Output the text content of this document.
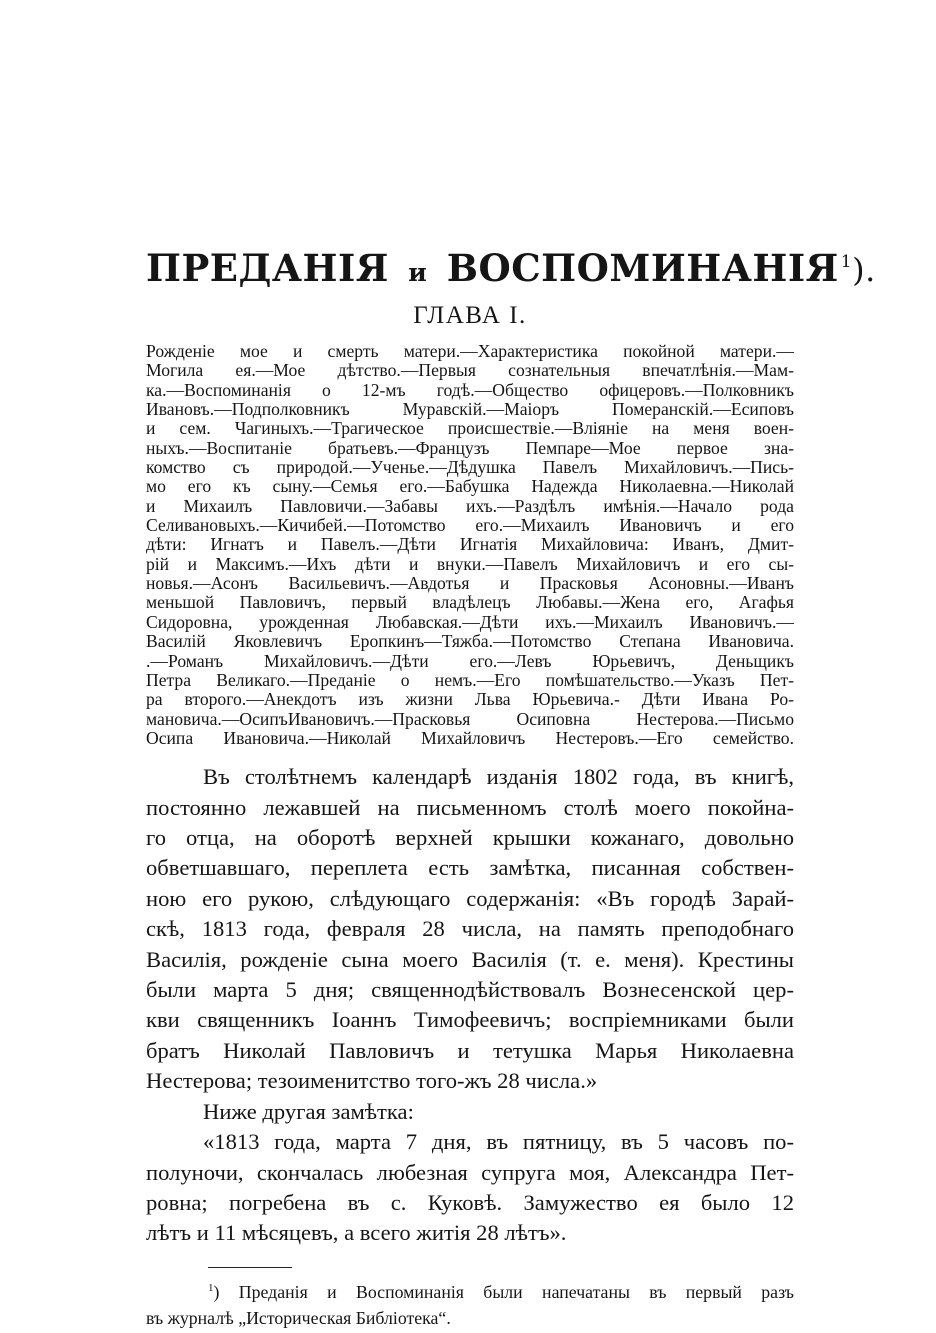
ПРЕДАНІЯ и ВОСПОМИНАНІЯ $^1$).
ГЛАВА I.
Рожденіе мое и смерть матери.—Характеристика покойной матери.—
Могила ея.—Мое дѣтство.—Первыя сознательныя впечатлѣнія.—Мам-
ка.—Воспоминанія о 12-мъ годѣ.—Общество офицеровъ.—Полковникъ
Ивановъ.—Подполковникъ Муравскій.—Маіоръ Померанскій.—Есиповъ
и сем. Чагиныхъ.—Трагическое происшествіе.—Вліяніе на меня воен-
ныхъ.—Воспитаніе братьевъ.—Французъ Пемпаре—Мое первое зна-
комство съ природой.—Ученье.—Дѣдушка Павелъ Михайловичъ.—Пись-
мо его къ сыну.—Семья его.—Бабушка Надежда Николаевна.—Николай
и Михаилъ Павловичи.—Забавы ихъ.—Раздѣлъ имѣнія.—Начало рода
Селивановыхъ.—Кичибей.—Потомство его.—Михаилъ Ивановичъ и его
дѣти: Игнатъ и Павелъ.—Дѣти Игнатія Михайловича: Иванъ, Дмит-
рій и Максимъ.—Ихъ дѣти и внуки.—Павелъ Михайловичъ и его сы-
новья.—Асонъ Васильевичъ.—Авдотья и Прасковья Асоновны.—Иванъ
меньшой Павловичъ, первый владѣлецъ Любавы.—Жена его, Агафья
Сидоровна, урожденная Любавская.—Дѣти ихъ.—Михаилъ Ивановичъ.—
Василій Яковлевичъ Еропкинъ—Тяжба.—Потомство Степана Ивановича.
.—Романъ Михайловичъ.—Дѣти его.—Левъ Юрьевичъ, Деньщикъ
Петра Великаго.—Преданіе о немъ.—Его помѣшательство.—Указъ Пет-
ра второго.—Анекдотъ изъ жизни Льва Юрьевича.- Дѣти Ивана Ро-
мановича.—ОсипъИвановичъ.—Прасковья Осиповна Нестерова.—Письмо
Осипа Ивановича.—Николай Михайловичъ Нестеровъ.—Его семейство.
Въ столѣтнемъ календарѣ изданія 1802 года, въ книгѣ,
постоянно лежавшей на письменномъ столѣ моего покойна-
го отца, на оборотѣ верхней крышки кожанаго, довольно
обветшавшаго, переплета есть замѣтка, писанная собствен-
ною его рукою, слѣдующаго содержанія: «Въ городѣ Зарай-
скѣ, 1813 года, февраля 28 числа, на память преподобнаго
Василія, рожденіе сына моего Василія (т. е. меня). Крестины
были марта 5 дня; священнодѣйствовалъ Вознесенской цер-
кви священникъ Іоаннъ Тимофеевичъ; воспріемниками были
братъ Николай Павловичъ и тетушка Марья Николаевна
Нестерова; тезоименитство того-жъ 28 числа.»
Ниже другая замѣтка:
«1813 года, марта 7 дня, въ пятницу, въ 5 часовъ по-
полуночи, скончалась любезная супруга моя, Александра Пет-
ровна; погребена въ с. Куковѣ. Замужество ея было 12
лѣтъ и 11 мѣсяцевъ, а всего житія 28 лѣтъ».
$^1$) Преданія и Воспоминанія были напечатаны въ первый разъ
въ журналѣ „Историческая Библіотека“.
